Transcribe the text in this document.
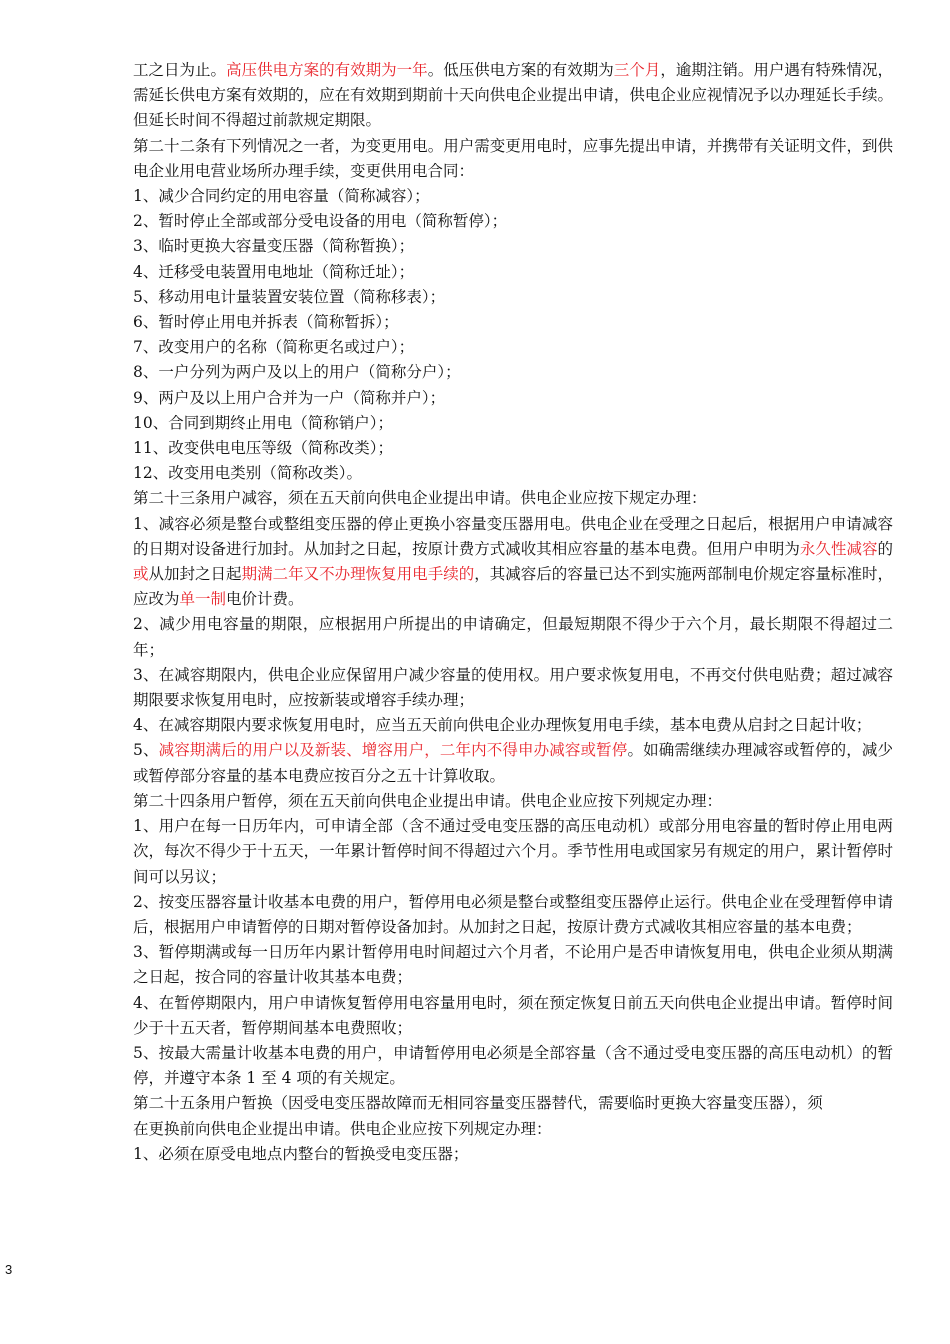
工之日为止。高压供电方案的有效期为一年。低压供电方案的有效期为三个月，逾期注销。用户遇有特殊情况，需延长供电方案有效期的，应在有效期到期前十天向供电企业提出申请，供电企业应视情况予以办理延长手续。但延长时间不得超过前款规定期限。

第二十二条有下列情况之一者，为变更用电。用户需变更用电时，应事先提出申请，并携带有关证明文件，到供电企业用电营业场所办理手续，变更供用电合同：

1、减少合同约定的用电容量（简称减容）；

2、暂时停止全部或部分受电设备的用电（简称暂停）；

3、临时更换大容量变压器（简称暂换）；

4、迁移受电装置用电地址（简称迁址）；

5、移动用电计量装置安装位置（简称移表）；

6、暂时停止用电并拆表（简称暂拆）；

7、改变用户的名称（简称更名或过户）；

8、一户分列为两户及以上的用户（简称分户）；

9、两户及以上用户合并为一户（简称并户）；

10、合同到期终止用电（简称销户）；

11、改变供电电压等级（简称改类）；

12、改变用电类别（简称改类）。

第二十三条用户减容，须在五天前向供电企业提出申请。供电企业应按下规定办理：

1、减容必须是整台或整组变压器的停止更换小容量变压器用电。供电企业在受理之日起后，根据用户申请减容的日期对设备进行加封。从加封之日起，按原计费方式减收其相应容量的基本电费。但用户申明为永久性减容的或从加封之日起期满二年又不办理恢复用电手续的，其减容后的容量已达不到实施两部制电价规定容量标准时，应改为单一制电价计费。

2、减少用电容量的期限，应根据用户所提出的申请确定，但最短期限不得少于六个月，最长期限不得超过二年；

3、在减容期限内，供电企业应保留用户减少容量的使用权。用户要求恢复用电，不再交付供电贴费；超过减容期限要求恢复用电时，应按新装或增容手续办理；

4、在减容期限内要求恢复用电时，应当五天前向供电企业办理恢复用电手续，基本电费从启封之日起计收；

5、减容期满后的用户以及新装、增容用户，二年内不得申办减容或暂停。如确需继续办理减容或暂停的，减少或暂停部分容量的基本电费应按百分之五十计算收取。

第二十四条用户暂停，须在五天前向供电企业提出申请。供电企业应按下列规定办理：

1、用户在每一日历年内，可申请全部（含不通过受电变压器的高压电动机）或部分用电容量的暂时停止用电两次，每次不得少于十五天，一年累计暂停时间不得超过六个月。季节性用电或国家另有规定的用户，累计暂停时间可以另议；

2、按变压器容量计收基本电费的用户，暂停用电必须是整台或整组变压器停止运行。供电企业在受理暂停申请后，根据用户申请暂停的日期对暂停设备加封。从加封之日起，按原计费方式减收其相应容量的基本电费；

3、暂停期满或每一日历年内累计暂停用电时间超过六个月者，不论用户是否申请恢复用电，供电企业须从期满之日起，按合同的容量计收其基本电费；

4、在暂停期限内，用户申请恢复暂停用电容量用电时，须在预定恢复日前五天向供电企业提出申请。暂停时间少于十五天者，暂停期间基本电费照收；

5、按最大需量计收基本电费的用户，申请暂停用电必须是全部容量（含不通过受电变压器的高压电动机）的暂停，并遵守本条 1 至 4 项的有关规定。

第二十五条用户暂换（因受电变压器故障而无相同容量变压器替代，需要临时更换大容量变压器），须

在更换前向供电企业提出申请。供电企业应按下列规定办理：

1、必须在原受电地点内整台的暂换受电变压器；

3
